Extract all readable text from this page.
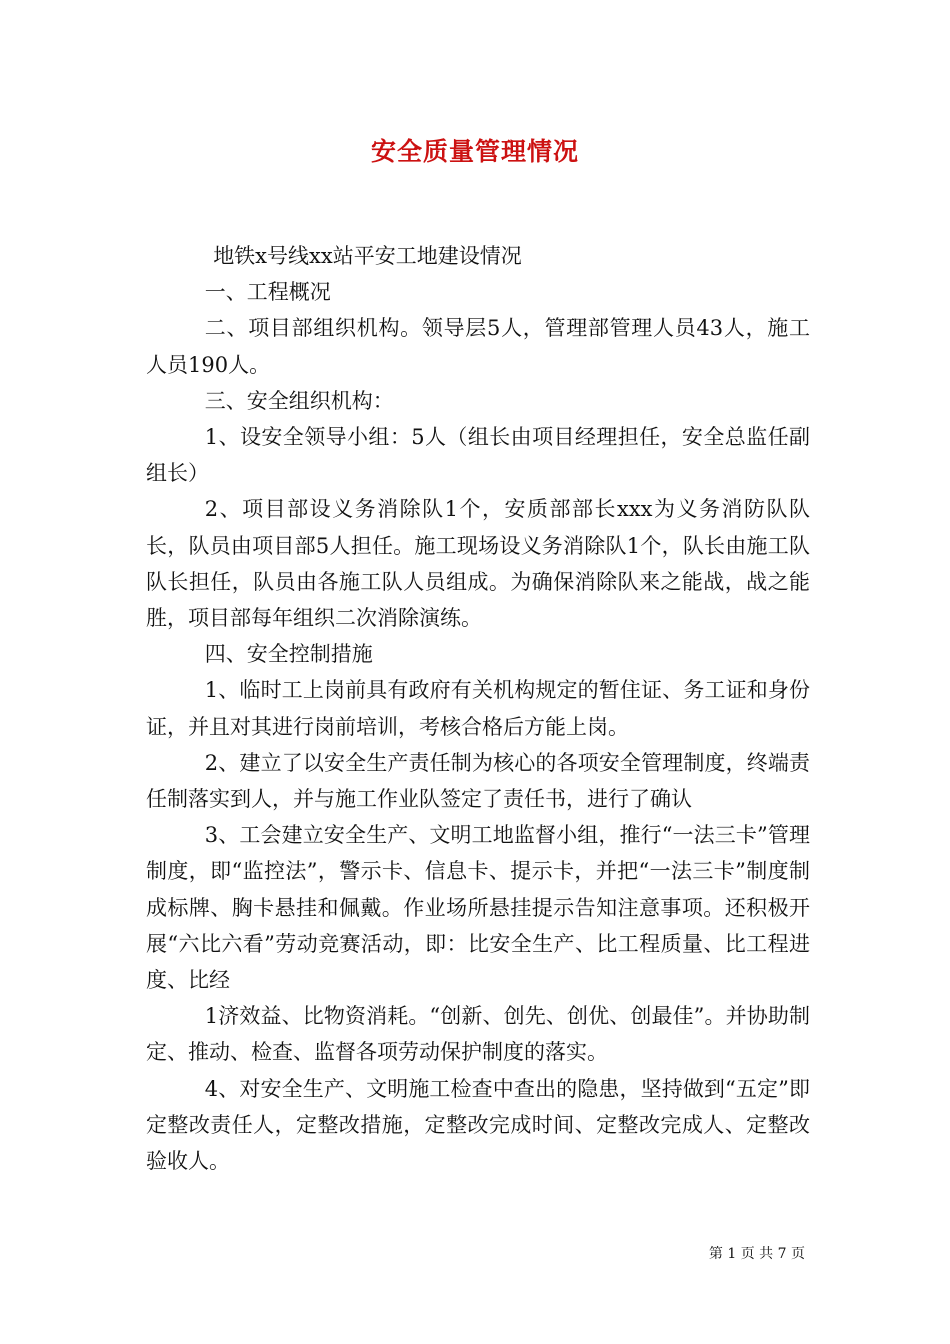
安全质量管理情况

地铁x号线xx站平安工地建设情况

一、工程概况

二、项目部组织机构。领导层5人，管理部管理人员43人，施工人员190人。

三、安全组织机构：

1、设安全领导小组：5人（组长由项目经理担任，安全总监任副组长）

2、项目部设义务消除队1个，安质部部长xxx为义务消防队队长，队员由项目部5人担任。施工现场设义务消除队1个，队长由施工队队长担任，队员由各施工队人员组成。为确保消除队来之能战，战之能胜，项目部每年组织二次消除演练。

四、安全控制措施

1、临时工上岗前具有政府有关机构规定的暂住证、务工证和身份证，并且对其进行岗前培训，考核合格后方能上岗。

2、建立了以安全生产责任制为核心的各项安全管理制度，终端责任制落实到人，并与施工作业队签定了责任书，进行了确认

3、工会建立安全生产、文明工地监督小组，推行“一法三卡”管理制度，即“监控法”，警示卡、信息卡、提示卡，并把“一法三卡”制度制成标牌、胸卡悬挂和佩戴。作业场所悬挂提示告知注意事项。还积极开展“六比六看”劳动竞赛活动，即：比安全生产、比工程质量、比工程进度、比经

1济效益、比物资消耗。“创新、创先、创优、创最佳”。并协助制定、推动、检查、监督各项劳动保护制度的落实。

4、对安全生产、文明施工检查中查出的隐患，坚持做到“五定”即定整改责任人，定整改措施，定整改完成时间、定整改完成人、定整改验收人。

第 1 页 共 7 页
